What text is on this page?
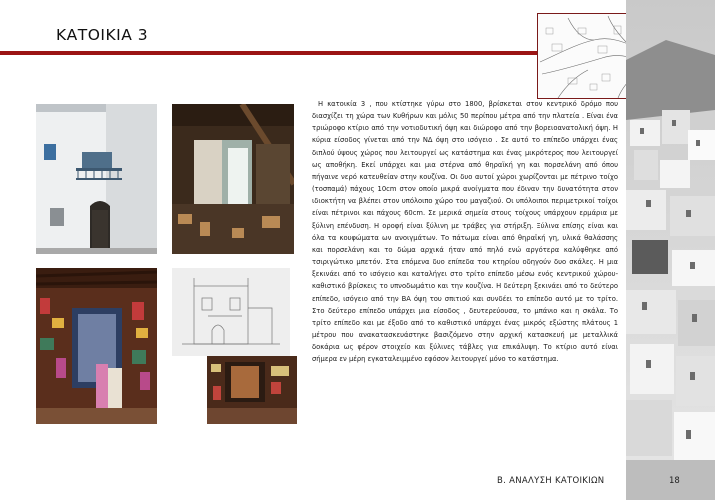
ΚΑΤΟΙΚΙΑ 3

Η κατοικία 3 , που κτίστηκε γύρω στο 1800, βρίσκεται στον κεντρικό δρόμο που διασχίζει τη χώρα των Κυθήρων και μόλις 50 περίπου μέτρα από την πλατεία . Είναι ένα τριώροφο κτίριο από την νοτιοδυτική όψη και διώροφο από την βορειοανατολική όψη. Η κύρια είσοδος γίνεται από την ΝΔ όψη στο ισόγειο . Σε αυτό το επίπεδο υπάρχει ένας διπλού ύψους χώρος που λειτουργεί ως κατάστημα και ένας μικρότερος που λειτουργεί ως αποθήκη. Εκεί υπάρχει και μια στέρνα από θηραϊκή γη και πορσελάνη από όπου πήγαινε νερό κατευθείαν στην κουζίνα. Οι δυο αυτοί χώροι χωρίζονται με πέτρινο τοίχο (τοσπαμά) πάχους 10cm στον οποίο μικρά ανοίγματα που έδιναν την δυνατότητα στον ιδιοκτήτη να βλέπει στον υπόλοιπο χώρο του μαγαζιού. Οι υπόλοιποι περιμετρικοί τοίχοι είναι πέτρινοι και πάχους 60cm. Σε μερικά σημεία στους τοίχους υπάρχουν ερμάρια με ξύλινη επένδυση. Η οροφή είναι ξύλινη με τράβες για στήριξη. Ξύλινα επίσης είναι και όλα τα κουφώματα ων ανοιγμάτων. Το πάτωμα είναι από θηραϊκή γη, υλικά θαλάσσης και πορσελάνη και το δώμα αρχικά ήταν από πηλό ενώ αργότερα καλύφθηκε από τσιριγώτικο μπετόν. Στα επόμενα δυο επίπεδα του κτηρίου οδηγούν δυο σκάλες. Η μια ξεκινάει από το ισόγειο και καταλήγει στο τρίτο επίπεδο μέσω ενός κεντρικού χώρου- καθιστικό βρίσκεις το υπνοδωμάτιο και την κουζίνα. Η δεύτερη ξεκινάει από το δεύτερο επίπεδο, ισόγειο από την ΒΑ όψη του σπιτιού και συνδέει το επίπεδο αυτό με το τρίτο. Στο δεύτερο επίπεδο υπάρχει μια είσοδος , δευτερεύουσα, το μπάνιο και η σκάλα. Το τρίτο επίπεδο και με έξοδο από το καθιστικό υπάρχει ένας μικρός εξώστης πλάτους 1 μέτρου που ανακατασκευάστηκε βασιζόμενο στην αρχική κατασκευή με μεταλλικά δοκάρια ως φέρον στοιχείο και ξύλινες τάβλες για επικάλυψη. Το κτίριο αυτό είναι σήμερα εν μέρη εγκαταλειμμένο εφόσον λειτουργεί μόνο το κατάστημα.

Β. ΑΝΑΛΥΣΗ ΚΑΤΟΙΚΙΩΝ	18
